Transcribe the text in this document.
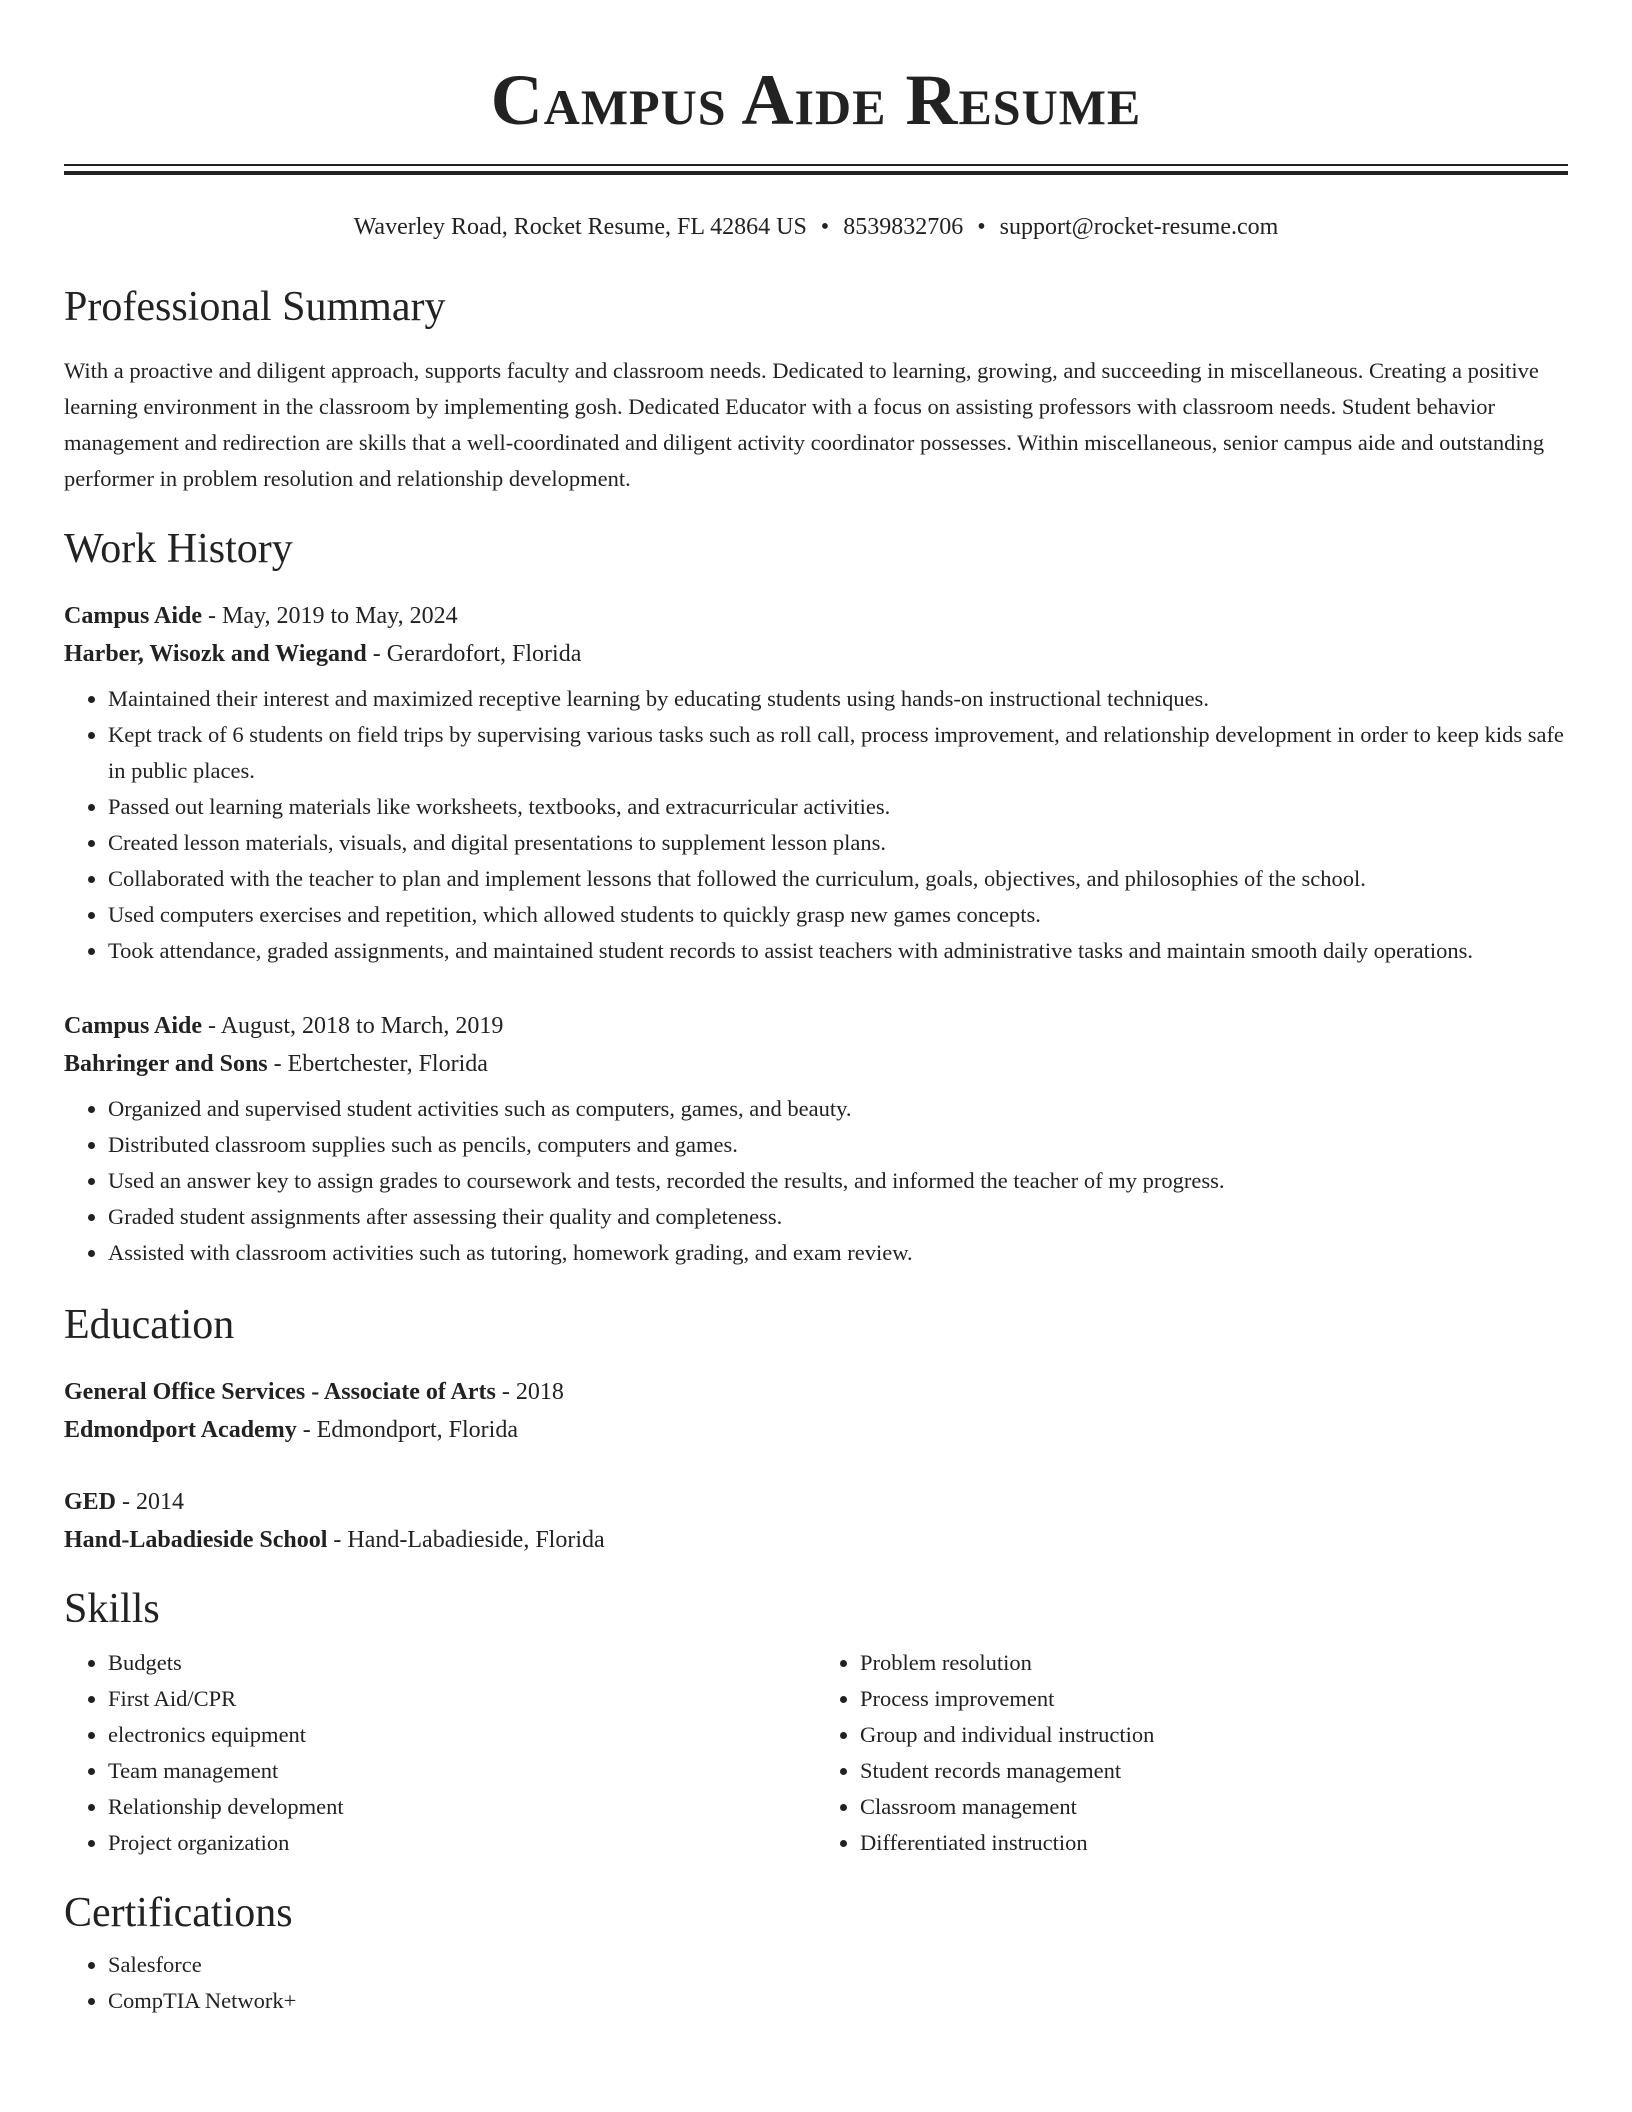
Campus Aide Resume
Waverley Road, Rocket Resume, FL 42864 US • 8539832706 • support@rocket-resume.com
Professional Summary

With a proactive and diligent approach, supports faculty and classroom needs. Dedicated to learning, growing, and succeeding in miscellaneous. Creating a positive learning environment in the classroom by implementing gosh. Dedicated Educator with a focus on assisting professors with classroom needs. Student behavior management and redirection are skills that a well-coordinated and diligent activity coordinator possesses. Within miscellaneous, senior campus aide and outstanding performer in problem resolution and relationship development.

Work History
Campus Aide - May, 2019 to May, 2024
Harber, Wisozk and Wiegand - Gerardofort, Florida
• Maintained their interest and maximized receptive learning by educating students using hands-on instructional techniques.
• Kept track of 6 students on field trips by supervising various tasks such as roll call, process improvement, and relationship development in order to keep kids safe in public places.
• Passed out learning materials like worksheets, textbooks, and extracurricular activities.
• Created lesson materials, visuals, and digital presentations to supplement lesson plans.
• Collaborated with the teacher to plan and implement lessons that followed the curriculum, goals, objectives, and philosophies of the school.
• Used computers exercises and repetition, which allowed students to quickly grasp new games concepts.
• Took attendance, graded assignments, and maintained student records to assist teachers with administrative tasks and maintain smooth daily operations.
Campus Aide - August, 2018 to March, 2019
Bahringer and Sons - Ebertchester, Florida
• Organized and supervised student activities such as computers, games, and beauty.
• Distributed classroom supplies such as pencils, computers and games.
• Used an answer key to assign grades to coursework and tests, recorded the results, and informed the teacher of my progress.
• Graded student assignments after assessing their quality and completeness.
• Assisted with classroom activities such as tutoring, homework grading, and exam review.
Education
General Office Services - Associate of Arts - 2018
Edmondport Academy - Edmondport, Florida
GED - 2014
Hand-Labadieside School - Hand-Labadieside, Florida
Skills
• Budgets
• First Aid/CPR
• electronics equipment
• Team management
• Relationship development
• Project organization
• Problem resolution
• Process improvement
• Group and individual instruction
• Student records management
• Classroom management
• Differentiated instruction
Certifications
• Salesforce
• CompTIA Network+
